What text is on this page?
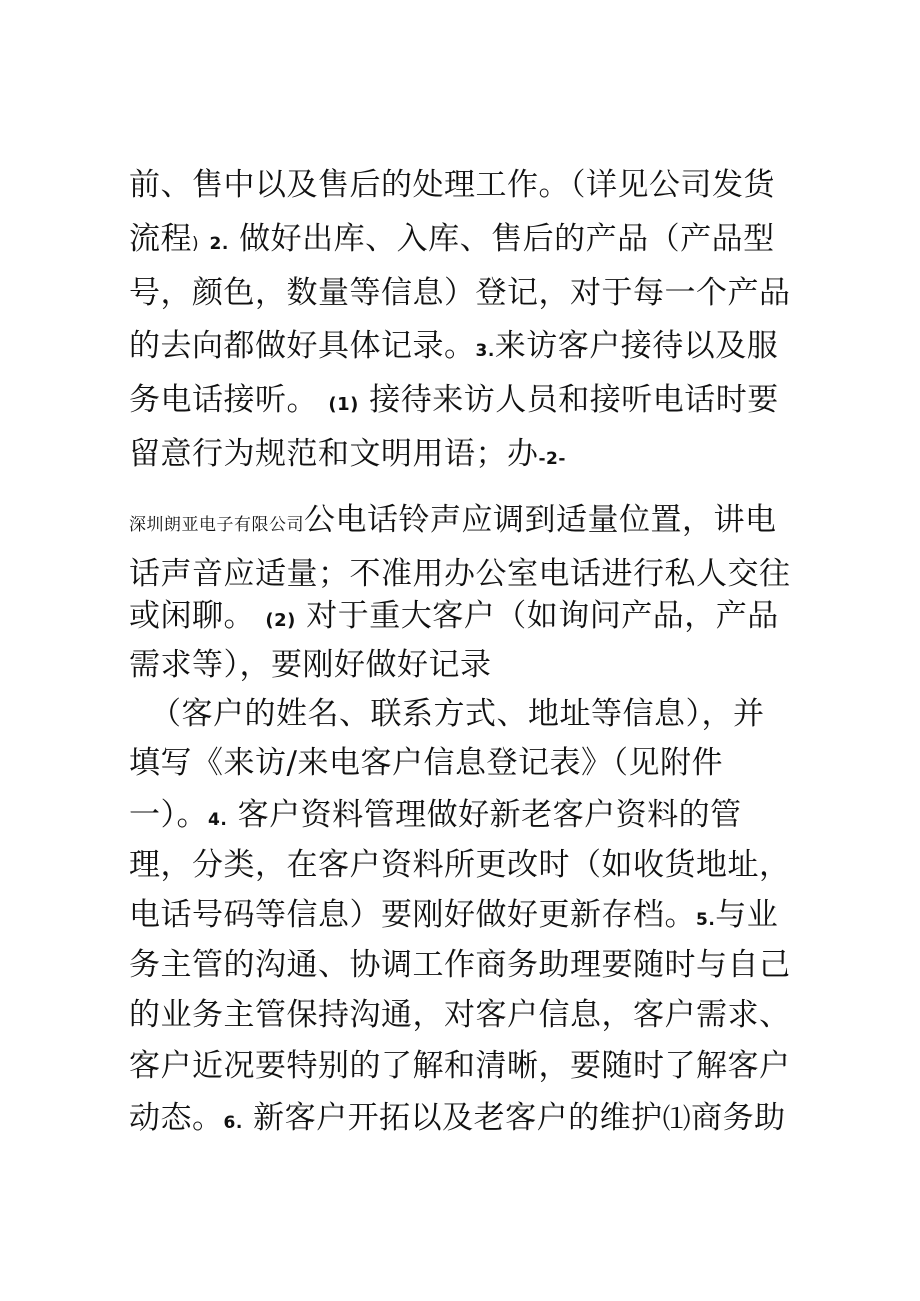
前、售中以及售后的处理工作。（详见公司发货
流程) 2. 做好出库、入库、售后的产品（产品型
号，颜色，数量等信息）登记，对于每一个产品
的去向都做好具体记录。3.来访客户接待以及服
务电话接听。 (1) 接待来访人员和接听电话时要
留意行为规范和文明用语；办-2-
深圳朗亚电子有限公司公电话铃声应调到适量位置，讲电
话声音应适量；不准用办公室电话进行私人交往
或闲聊。 (2) 对于重大客户（如询问产品，产品
需求等），要刚好做好记录
（客户的姓名、联系方式、地址等信息），并
填写《来访/来电客户信息登记表》（见附件
一）。4. 客户资料管理做好新老客户资料的管
理，分类，在客户资料所更改时（如收货地址，
电话号码等信息）要刚好做好更新存档。5.与业
务主管的沟通、协调工作商务助理要随时与自己
的业务主管保持沟通，对客户信息，客户需求、
客户近况要特别的了解和清晰，要随时了解客户
动态。6. 新客户开拓以及老客户的维护⑴商务助
